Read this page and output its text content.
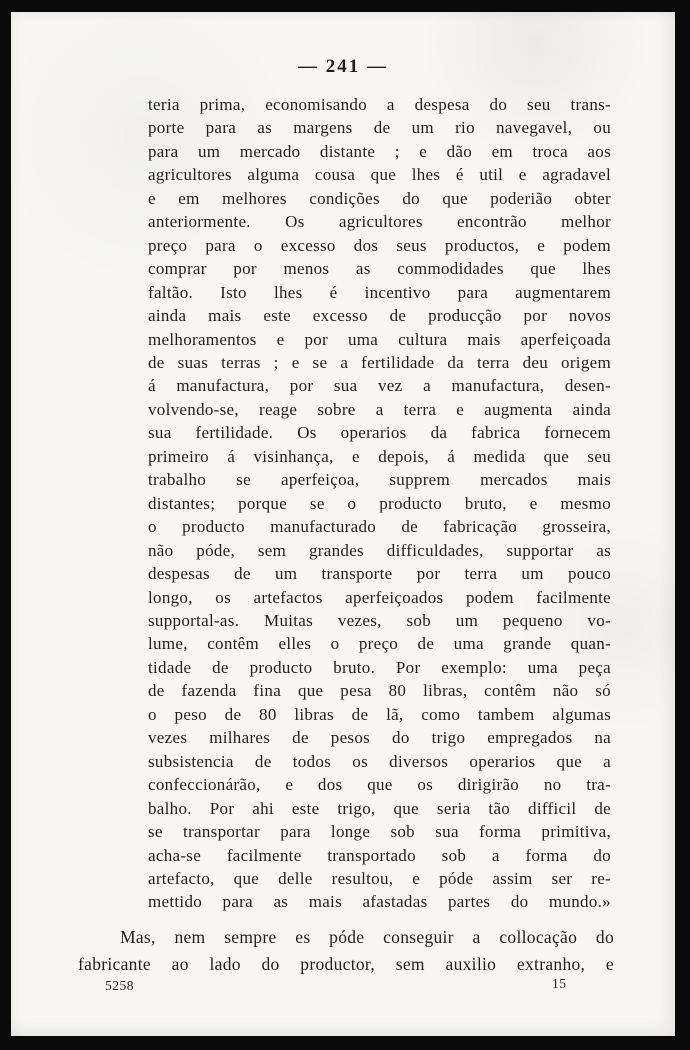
— 241 —
teria prima, economisando a despesa do seu trans-
porte para as margens de um rio navegavel, ou
para um mercado distante ; e dão em troca aos
agricultores alguma cousa que lhes é util e agradavel
e em melhores condições do que poderião obter
anteriormente. Os agricultores encontrão melhor
preço para o excesso dos seus productos, e podem
comprar por menos as commodidades que lhes
faltão. Isto lhes é incentivo para augmentarem
ainda mais este excesso de producção por novos
melhoramentos e por uma cultura mais aperfeiçoada
de suas terras ; e se a fertilidade da terra deu origem
á manufactura, por sua vez a manufactura, desen-
volvendo-se, reage sobre a terra e augmenta ainda
sua fertilidade. Os operarios da fabrica fornecem
primeiro á visinhança, e depois, á medida que seu
trabalho se aperfeiçoa, supprem mercados mais
distantes; porque se o producto bruto, e mesmo
o producto manufacturado de fabricação grosseira,
não póde, sem grandes difficuldades, supportar as
despesas de um transporte por terra um pouco
longo, os artefactos aperfeiçoados podem facilmente
supportal-as. Muitas vezes, sob um pequeno vo-
lume, contêm elles o preço de uma grande quan-
tidade de producto bruto. Por exemplo: uma peça
de fazenda fina que pesa 80 libras, contêm não só
o peso de 80 libras de lã, como tambem algumas
vezes milhares de pesos do trigo empregados na
subsistencia de todos os diversos operarios que a
confeccionárão, e dos que os dirigirão no tra-
balho. Por ahi este trigo, que seria tão difficil de
se transportar para longe sob sua forma primitiva,
acha-se facilmente transportado sob a forma do
artefacto, que delle resultou, e póde assim ser re-
mettido para as mais afastadas partes do mundo.»
Mas, nem sempre es póde conseguir a collocação do
fabricante ao lado do productor, sem auxilio extranho, e
5258	15
